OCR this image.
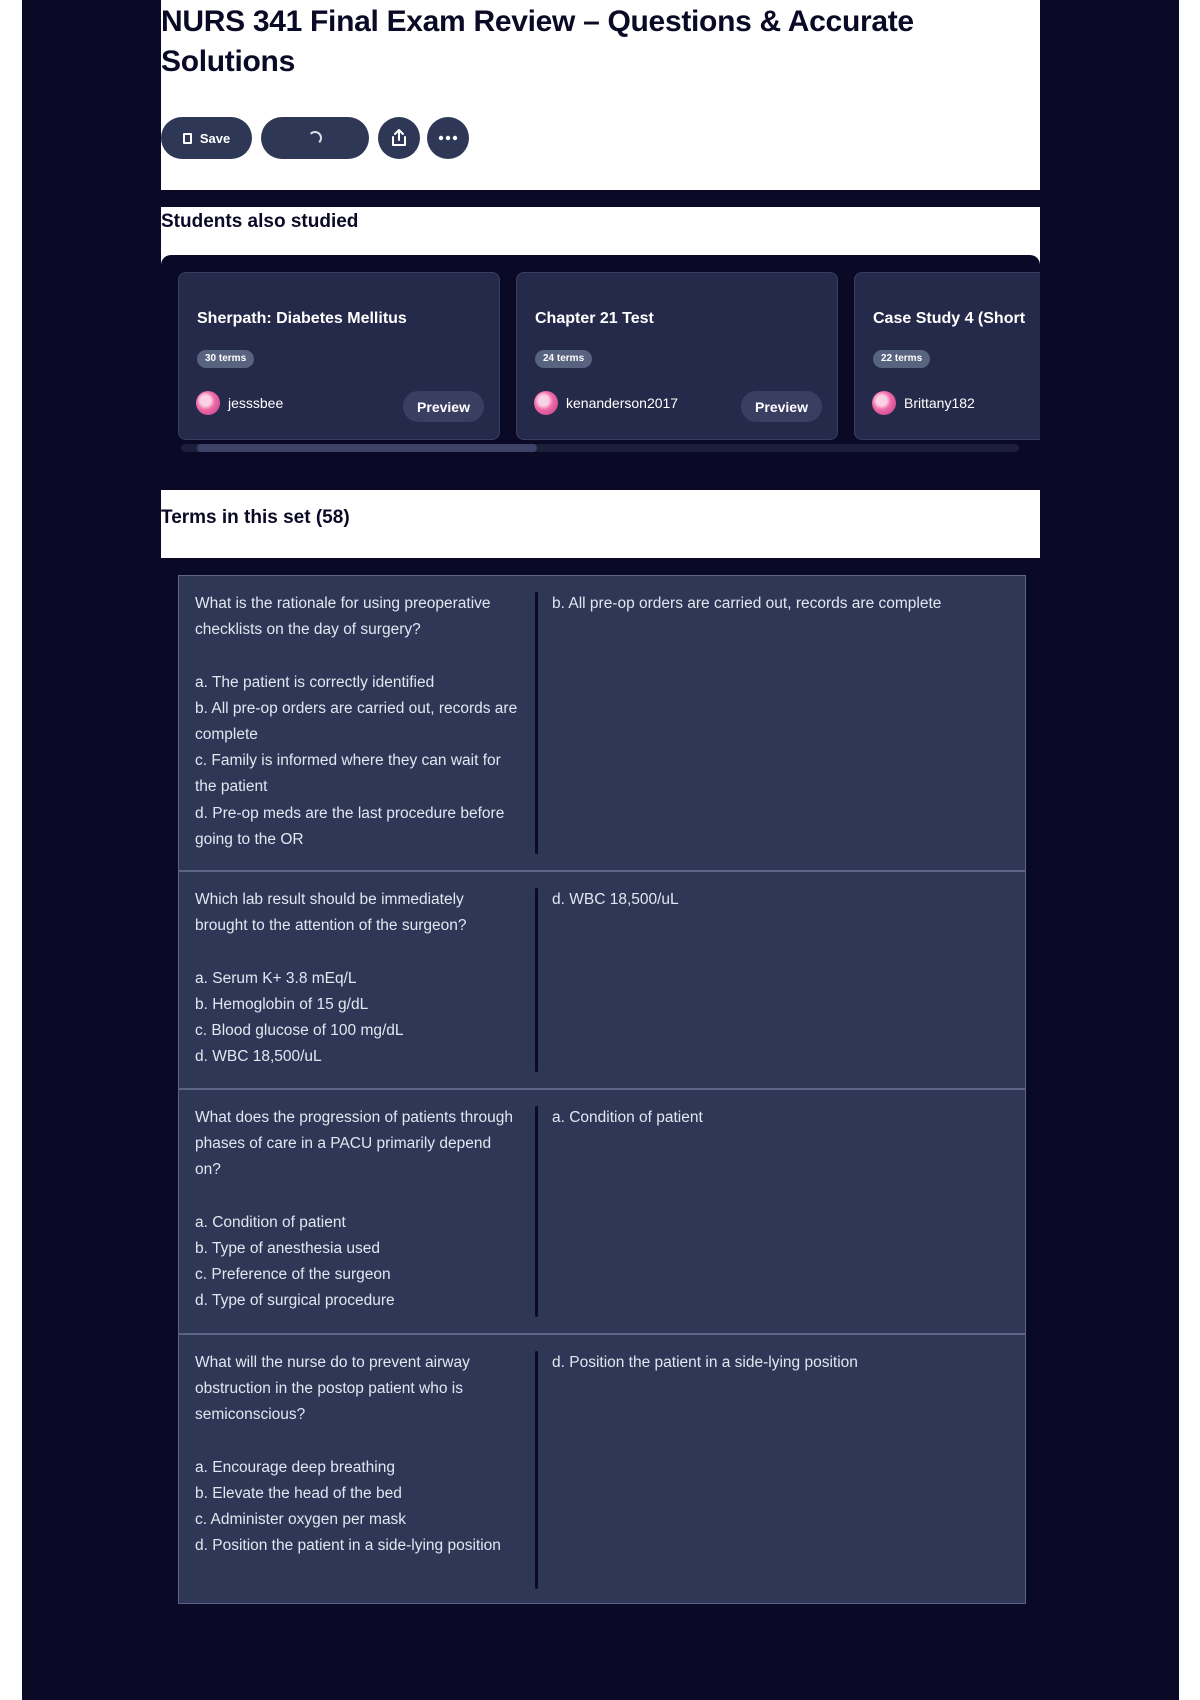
NURS 341 Final Exam Review – Questions & Accurate Solutions
Save
Students also studied
Sherpath: Diabetes Mellitus
30 terms
jesssbee	Preview
Chapter 21 Test
24 terms
kenanderson2017	Preview
Case Study 4 (Short
22 terms
Brittany182
Terms in this set (58)
What is the rationale for using preoperative checklists on the day of surgery?

a. The patient is correctly identified
b. All pre-op orders are carried out, records are complete
c. Family is informed where they can wait for the patient
d. Pre-op meds are the last procedure before going to the OR
b. All pre-op orders are carried out, records are complete
Which lab result should be immediately brought to the attention of the surgeon?

a. Serum K+ 3.8 mEq/L
b. Hemoglobin of 15 g/dL
c. Blood glucose of 100 mg/dL
d. WBC 18,500/uL
d. WBC 18,500/uL
What does the progression of patients through phases of care in a PACU primarily depend on?

a. Condition of patient
b. Type of anesthesia used
c. Preference of the surgeon
d. Type of surgical procedure
a. Condition of patient
What will the nurse do to prevent airway obstruction in the postop patient who is semiconscious?

a. Encourage deep breathing
b. Elevate the head of the bed
c. Administer oxygen per mask
d. Position the patient in a side-lying position
d. Position the patient in a side-lying position
